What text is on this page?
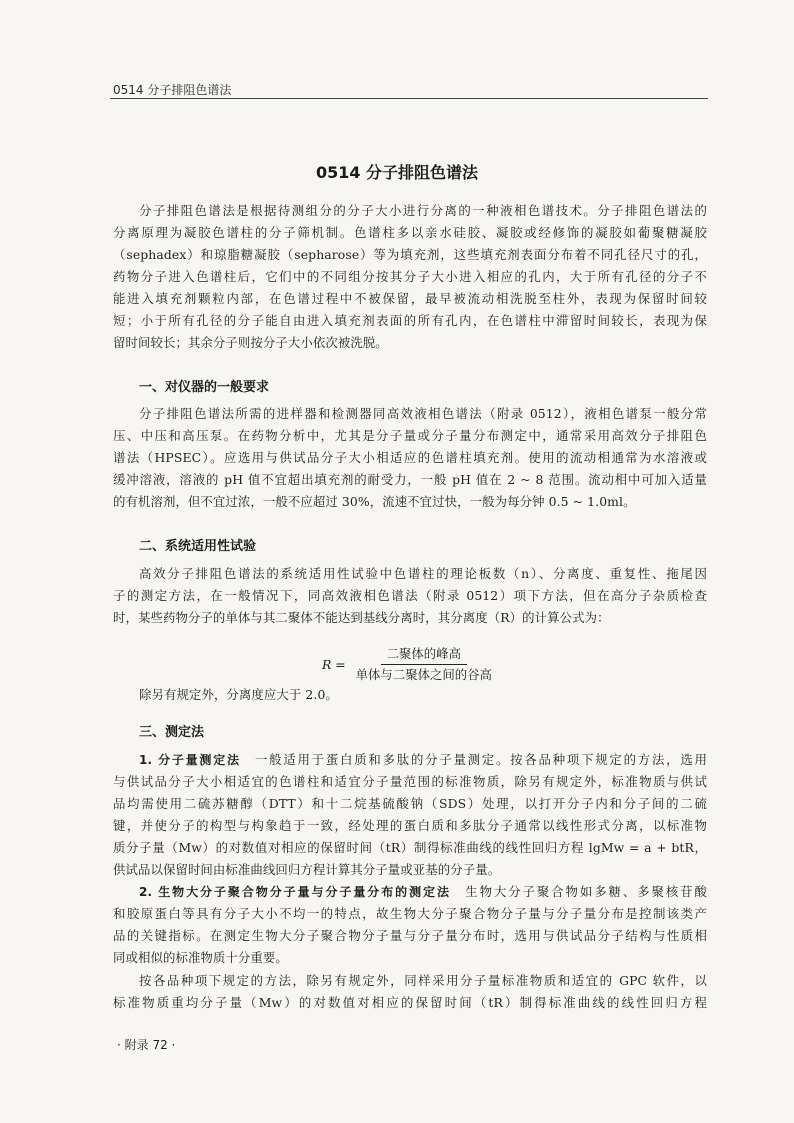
0514 分子排阻色谱法
0514 分子排阻色谱法
分子排阻色谱法是根据待测组分的分子大小进行分离的一种液相色谱技术。分子排阻色谱法的
分离原理为凝胶色谱柱的分子筛机制。色谱柱多以亲水硅胶、凝胶或经修饰的凝胶如葡聚糖凝胶
（sephadex）和琼脂糖凝胶（sepharose）等为填充剂，这些填充剂表面分布着不同孔径尺寸的孔，
药物分子进入色谱柱后，它们中的不同组分按其分子大小进入相应的孔内，大于所有孔径的分子不
能进入填充剂颗粒内部，在色谱过程中不被保留，最早被流动相洗脱至柱外，表现为保留时间较
短；小于所有孔径的分子能自由进入填充剂表面的所有孔内，在色谱柱中滞留时间较长，表现为保
留时间较长；其余分子则按分子大小依次被洗脱。
一、对仪器的一般要求
分子排阻色谱法所需的进样器和检测器同高效液相色谱法（附录 0512），液相色谱泵一般分常
压、中压和高压泵。在药物分析中，尤其是分子量或分子量分布测定中，通常采用高效分子排阻色
谱法（HPSEC）。应选用与供试品分子大小相适应的色谱柱填充剂。使用的流动相通常为水溶液或
缓冲溶液，溶液的 pH 值不宜超出填充剂的耐受力，一般 pH 值在 2 ~ 8 范围。流动相中可加入适量
的有机溶剂，但不宜过浓，一般不应超过 30%，流速不宜过快，一般为每分钟 0.5 ~ 1.0ml。
二、系统适用性试验
高效分子排阻色谱法的系统适用性试验中色谱柱的理论板数（n）、分离度、重复性、拖尾因
子的测定方法，在一般情况下，同高效液相色谱法（附录 0512）项下方法，但在高分子杂质检查
时，某些药物分子的单体与其二聚体不能达到基线分离时，其分离度（R）的计算公式为：
$R = \frac{\text{二聚体的峰高}}{\text{单体与二聚体之间的谷高}}$
除另有规定外，分离度应大于 2.0。
三、测定法
1. 分子量测定法　 一般适用于蛋白质和多肽的分子量测定。按各品种项下规定的方法，选用
与供试品分子大小相适宜的色谱柱和适宜分子量范围的标准物质，除另有规定外，标准物质与供试
品均需使用二硫苏糖醇（DTT）和十二烷基硫酸钠（SDS）处理，以打开分子内和分子间的二硫
键，并使分子的构型与构象趋于一致，经处理的蛋白质和多肽分子通常以线性形式分离，以标准物
质分子量（Mw）的对数值对相应的保留时间（tR）制得标准曲线的线性回归方程 lgMw = a + btR，
供试品以保留时间由标准曲线回归方程计算其分子量或亚基的分子量。
2. 生物大分子聚合物分子量与分子量分布的测定法　 生物大分子聚合物如多糖、多聚核苷酸
和胶原蛋白等具有分子大小不均一的特点，故生物大分子聚合物分子量与分子量分布是控制该类产
品的关键指标。在测定生物大分子聚合物分子量与分子量分布时，选用与供试品分子结构与性质相
同或相似的标准物质十分重要。
按各品种项下规定的方法，除另有规定外，同样采用分子量标准物质和适宜的 GPC 软件，以
标准物质重均分子量（Mw）的对数值对相应的保留时间（tR）制得标准曲线的线性回归方程
· 附录 72 ·
